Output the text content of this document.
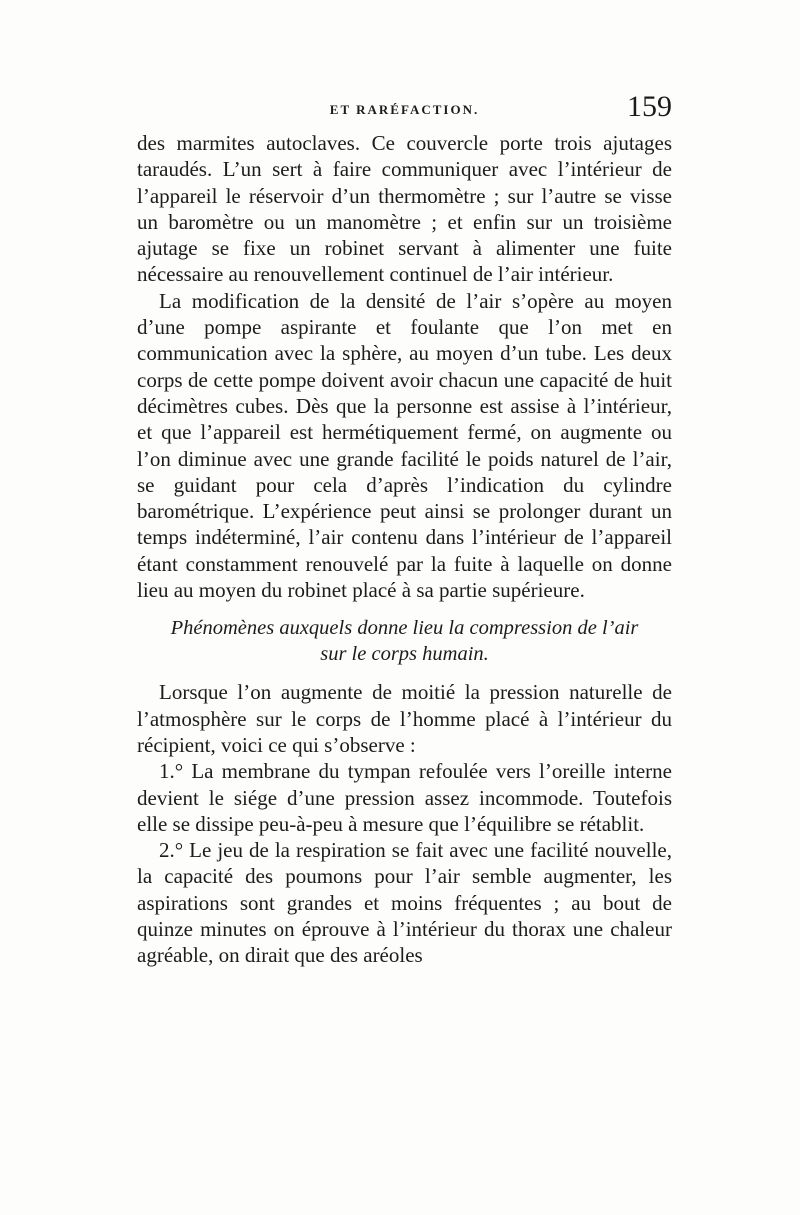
ET RARÉFACTION.	159

des marmites autoclaves. Ce couvercle porte trois ajutages taraudés. L’un sert à faire communiquer avec l’intérieur de l’appareil le réservoir d’un thermomètre ; sur l’autre se visse un baromètre ou un manomètre ; et enfin sur un troisième ajutage se fixe un robinet servant à alimenter une fuite nécessaire au renouvellement continuel de l’air intérieur.

La modification de la densité de l’air s’opère au moyen d’une pompe aspirante et foulante que l’on met en communication avec la sphère, au moyen d’un tube. Les deux corps de cette pompe doivent avoir chacun une capacité de huit décimètres cubes. Dès que la personne est assise à l’intérieur, et que l’appareil est hermétiquement fermé, on augmente ou l’on diminue avec une grande facilité le poids naturel de l’air, se guidant pour cela d’après l’indication du cylindre barométrique. L’expérience peut ainsi se prolonger durant un temps indéterminé, l’air contenu dans l’intérieur de l’appareil étant constamment renouvelé par la fuite à laquelle on donne lieu au moyen du robinet placé à sa partie supérieure.

Phénomènes auxquels donne lieu la compression de l’air
sur le corps humain.

Lorsque l’on augmente de moitié la pression naturelle de l’atmosphère sur le corps de l’homme placé à l’intérieur du récipient, voici ce qui s’observe :

1.° La membrane du tympan refoulée vers l’oreille interne devient le siége d’une pression assez incommode. Toutefois elle se dissipe peu-à-peu à mesure que l’équilibre se rétablit.

2.° Le jeu de la respiration se fait avec une facilité nouvelle, la capacité des poumons pour l’air semble augmenter, les aspirations sont grandes et moins fréquentes ; au bout de quinze minutes on éprouve à l’intérieur du thorax une chaleur agréable, on dirait que des aréoles
